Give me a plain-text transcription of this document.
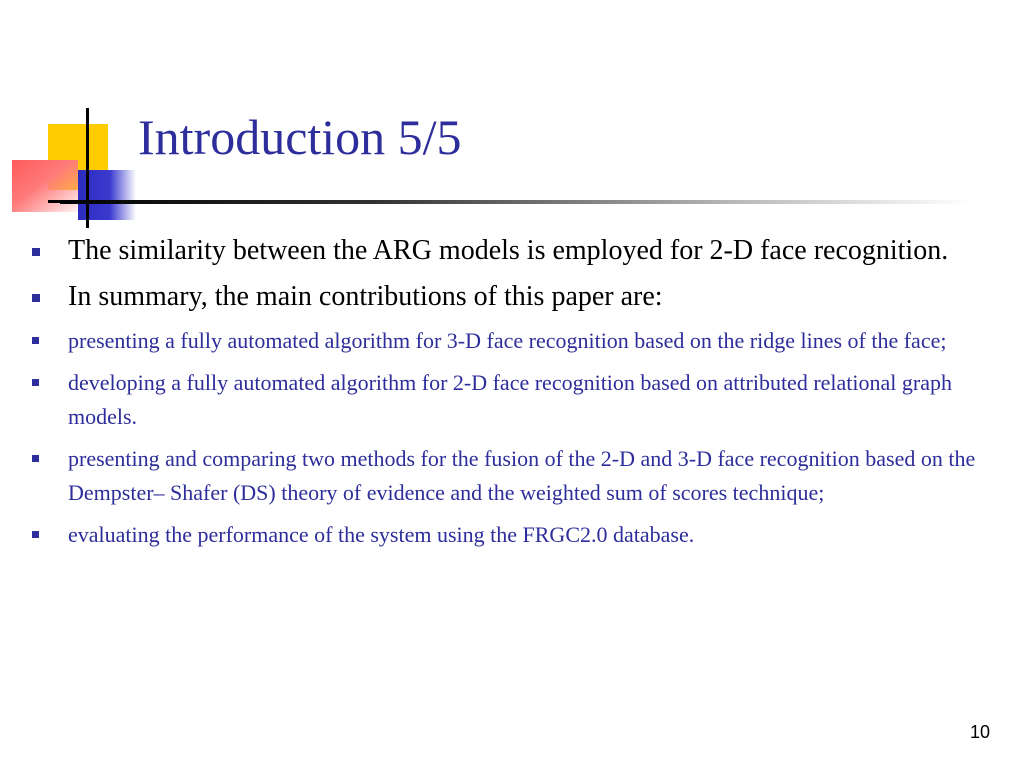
Introduction 5/5

The similarity between the ARG models is employed for 2-D face recognition.

In summary, the main contributions of this paper are:

presenting a fully automated algorithm for 3-D face recognition based on the ridge lines of the face;

developing a fully automated algorithm for 2-D face recognition based on attributed relational graph models.

presenting and comparing two methods for the fusion of the 2-D and 3-D face recognition based on the Dempster– Shafer (DS) theory of evidence and the weighted sum of scores technique;

evaluating the performance of the system using the FRGC2.0 database.

10
